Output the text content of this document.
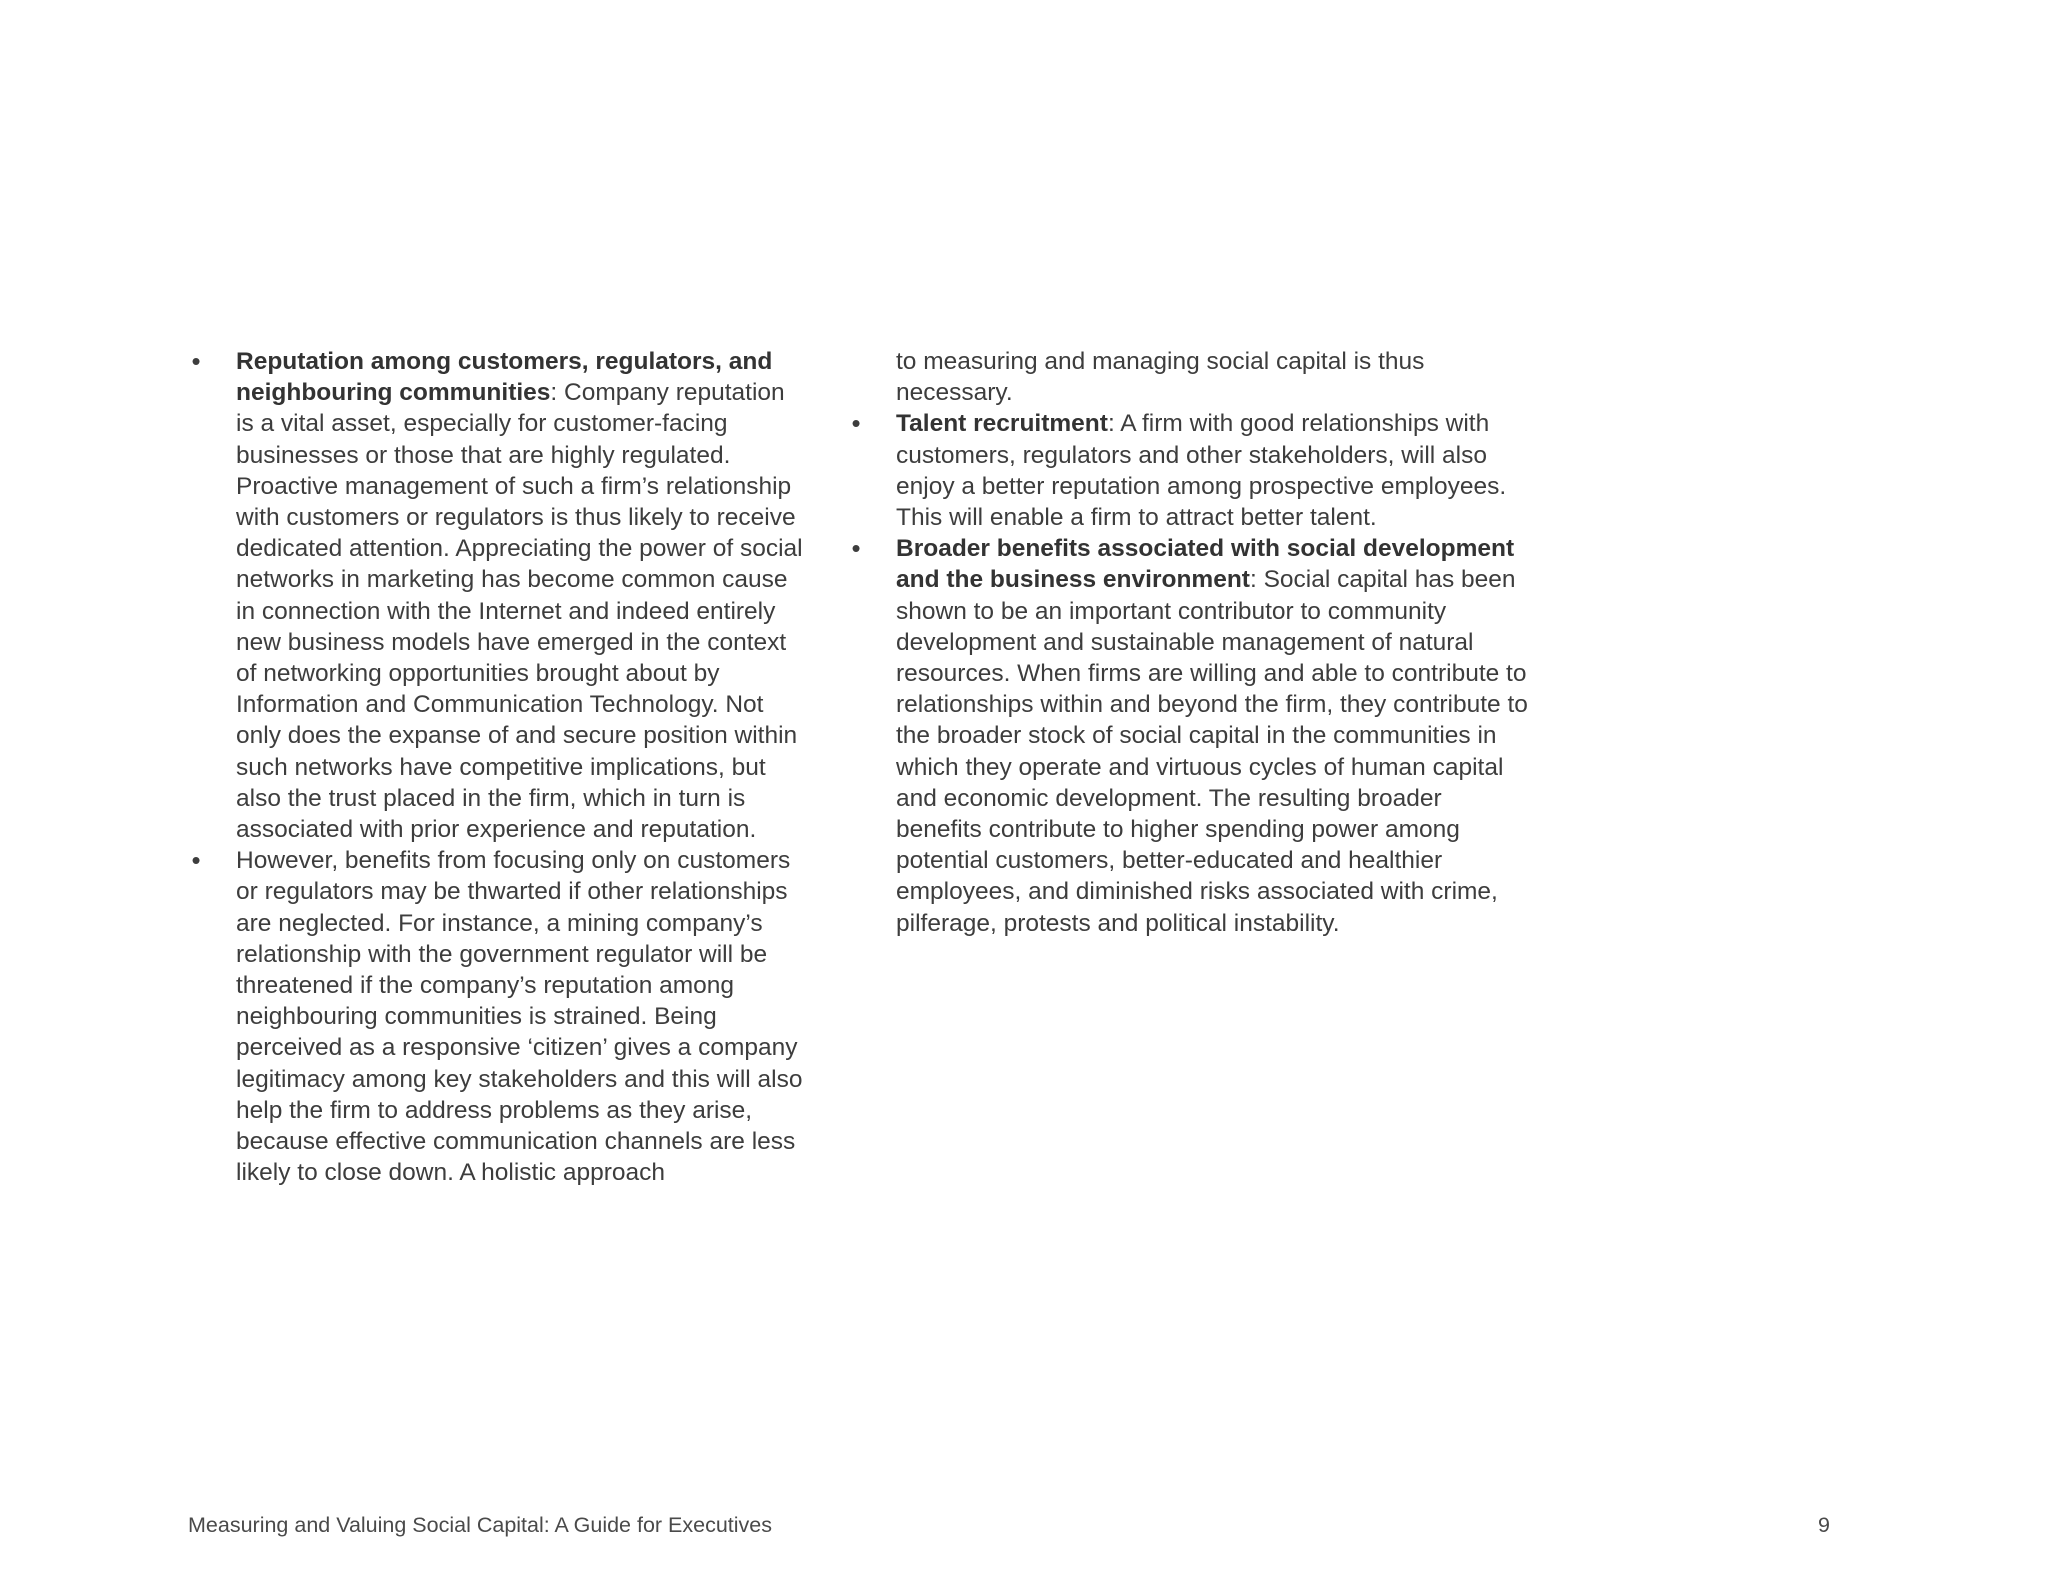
• Reputation among customers, regulators, and neighbouring communities: Company reputation is a vital asset, especially for customer-facing businesses or those that are highly regulated. Proactive management of such a firm’s relationship with customers or regulators is thus likely to receive dedicated attention. Appreciating the power of social networks in marketing has become common cause in connection with the Internet and indeed entirely new business models have emerged in the context of networking opportunities brought about by Information and Communication Technology. Not only does the expanse of and secure position within such networks have competitive implications, but also the trust placed in the firm, which in turn is associated with prior experience and reputation.
• However, benefits from focusing only on customers or regulators may be thwarted if other relationships are neglected. For instance, a mining company’s relationship with the government regulator will be threatened if the company’s reputation among neighbouring communities is strained. Being perceived as a responsive ‘citizen’ gives a company legitimacy among key stakeholders and this will also help the firm to address problems as they arise, because effective communication channels are less likely to close down. A holistic approach
to measuring and managing social capital is thus necessary.
• Talent recruitment: A firm with good relationships with customers, regulators and other stakeholders, will also enjoy a better reputation among prospective employees. This will enable a firm to attract better talent.
• Broader benefits associated with social development and the business environment: Social capital has been shown to be an important contributor to community development and sustainable management of natural resources. When firms are willing and able to contribute to relationships within and beyond the firm, they contribute to the broader stock of social capital in the communities in which they operate and virtuous cycles of human capital and economic development. The resulting broader benefits contribute to higher spending power among potential customers, better-educated and healthier employees, and diminished risks associated with crime, pilferage, protests and political instability.
Measuring and Valuing Social Capital: A Guide for Executives	9
